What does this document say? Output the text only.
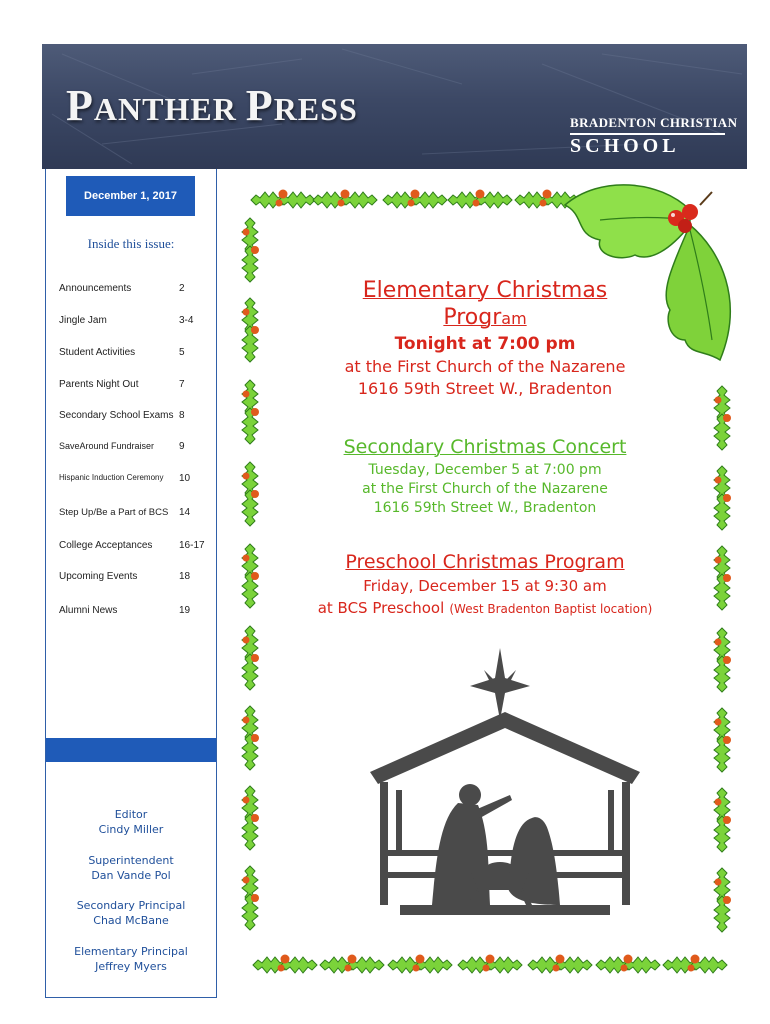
PANTHER PRESS	BRADENTON CHRISTIAN
SCHOOL
December 1, 2017
Inside this issue:
Announcements	2
Jingle Jam	3-4
Student Activities	5
Parents Night Out	7
Secondary School Exams 8
SaveAround Fundraiser	9
Hispanic Induction Ceremony	10
Step Up/Be a Part of BCS	14
College Acceptances	16-17
Upcoming Events	18
Alumni News	19
Editor
Cindy Miller
Superintendent
Dan Vande Pol
Secondary Principal
Chad McBane
Elementary Principal
Jeffrey Myers
Elementary Christmas
Program
Tonight at 7:00 pm
at the First Church of the Nazarene
1616 59th Street W., Bradenton
Secondary Christmas Concert
Tuesday, December 5 at 7:00 pm
at the First Church of the Nazarene
1616 59th Street W., Bradenton
Preschool Christmas Program
Friday, December 15 at 9:30 am
at BCS Preschool (West Bradenton Baptist location)
